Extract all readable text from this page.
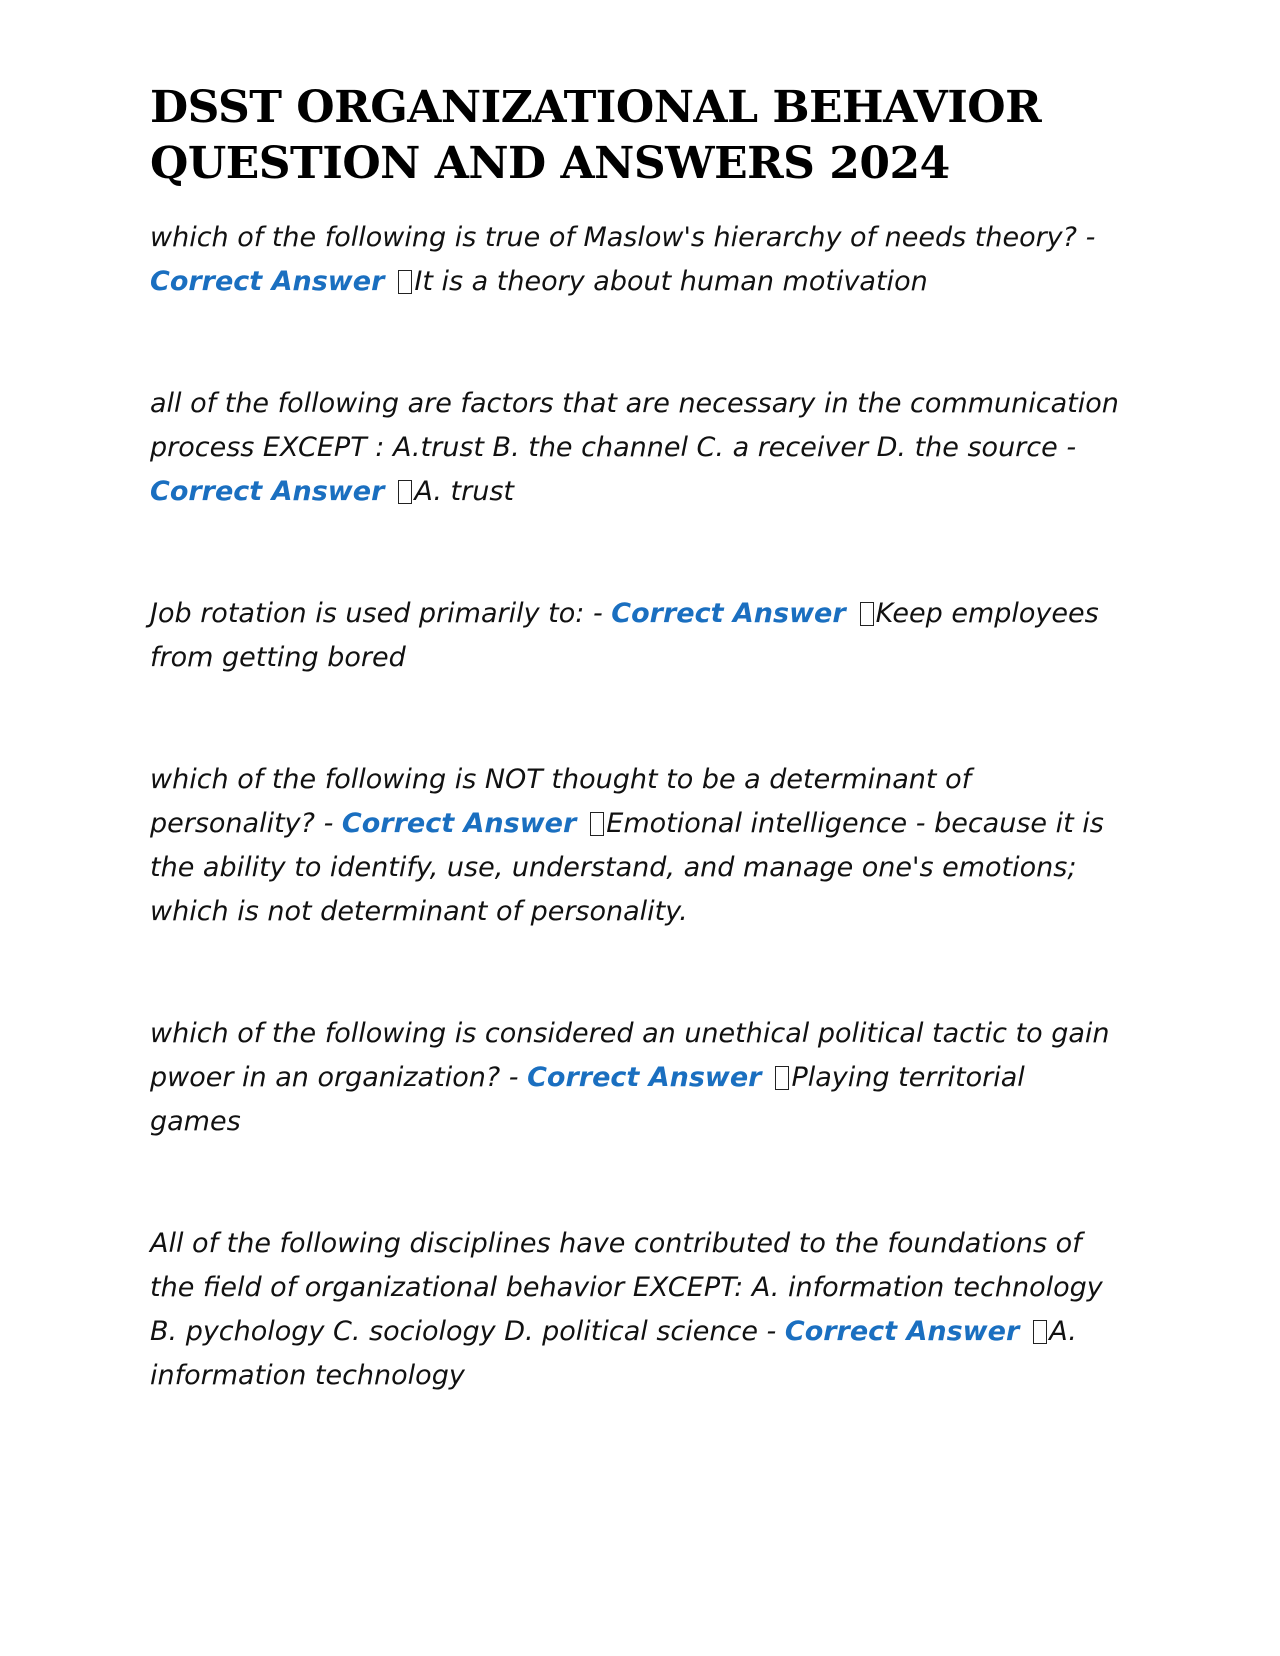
DSST ORGANIZATIONAL BEHAVIOR QUESTION AND ANSWERS 2024

which of the following is true of Maslow's hierarchy of needs theory? - Correct Answer It is a theory about human motivation

all of the following are factors that are necessary in the communication process EXCEPT : A.trust B. the channel C. a receiver D. the source - Correct Answer A. trust

Job rotation is used primarily to: - Correct Answer Keep employees from getting bored

which of the following is NOT thought to be a determinant of personality? - Correct Answer Emotional intelligence - because it is the ability to identify, use, understand, and manage one's emotions; which is not determinant of personality.

which of the following is considered an unethical political tactic to gain pwoer in an organization? - Correct Answer Playing territorial games

All of the following disciplines have contributed to the foundations of the field of organizational behavior EXCEPT: A. information technology B. pychology C. sociology D. political science - Correct Answer A. information technology
